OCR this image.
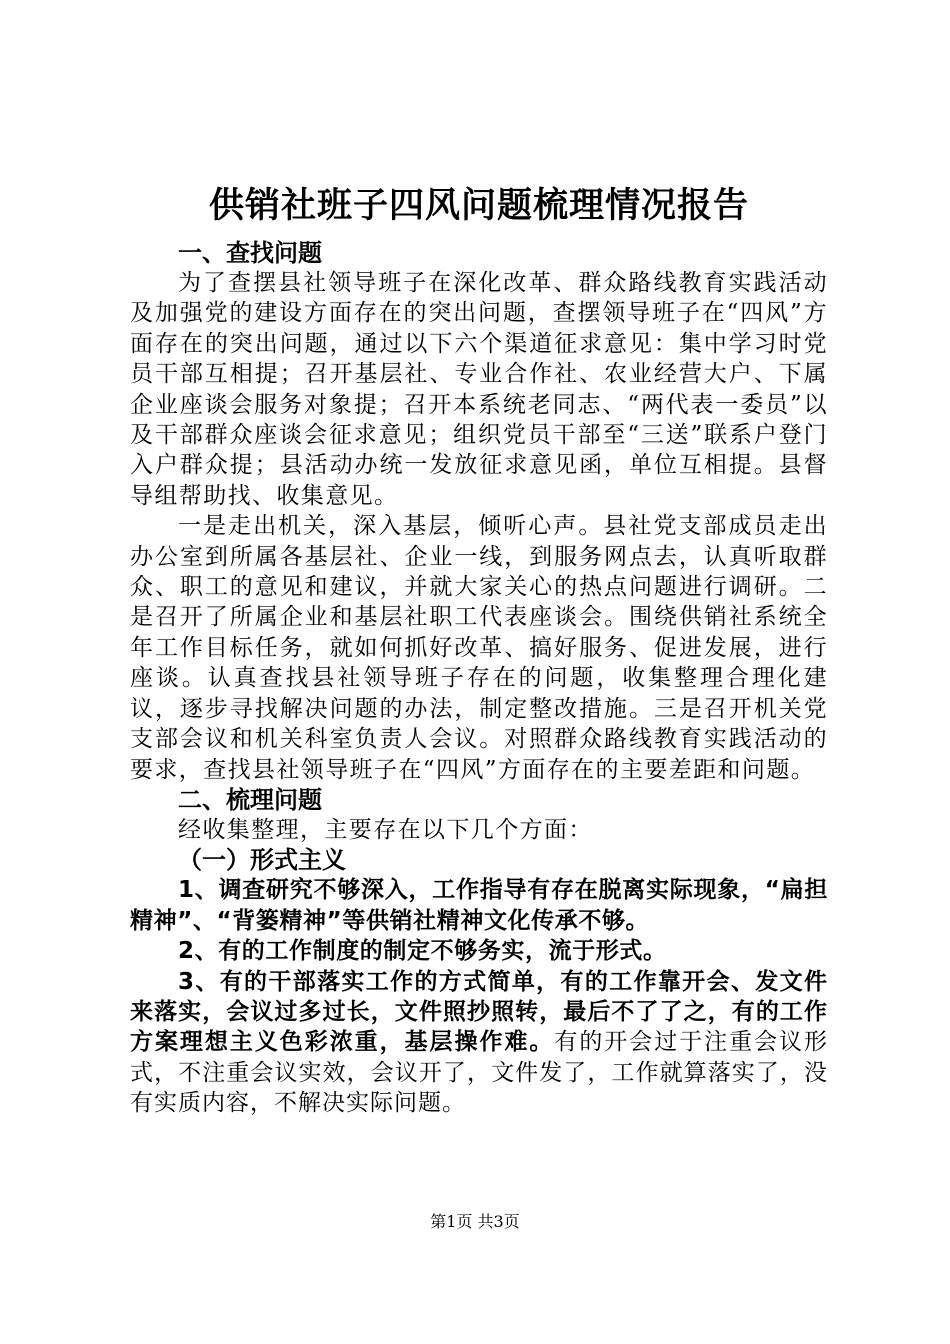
供销社班子四风问题梳理情况报告
一、查找问题

为了查摆县社领导班子在深化改革、群众路线教育实践活动及加强党的建设方面存在的突出问题，查摆领导班子在“四风”方面存在的突出问题，通过以下六个渠道征求意见：集中学习时党员干部互相提；召开基层社、专业合作社、农业经营大户、下属企业座谈会服务对象提；召开本系统老同志、“两代表一委员”以及干部群众座谈会征求意见；组织党员干部至“三送”联系户登门入户群众提；县活动办统一发放征求意见函，单位互相提。县督导组帮助找、收集意见。

一是走出机关，深入基层，倾听心声。县社党支部成员走出办公室到所属各基层社、企业一线，到服务网点去，认真听取群众、职工的意见和建议，并就大家关心的热点问题进行调研。二是召开了所属企业和基层社职工代表座谈会。围绕供销社系统全年工作目标任务，就如何抓好改革、搞好服务、促进发展，进行座谈。认真查找县社领导班子存在的问题，收集整理合理化建议，逐步寻找解决问题的办法，制定整改措施。三是召开机关党支部会议和机关科室负责人会议。对照群众路线教育实践活动的要求，查找县社领导班子在“四风”方面存在的主要差距和问题。

二、梳理问题

经收集整理，主要存在以下几个方面：

（一）形式主义

1、调查研究不够深入，工作指导有存在脱离实际现象，“扁担精神”、“背篓精神”等供销社精神文化传承不够。

2、有的工作制度的制定不够务实，流于形式。

3、有的干部落实工作的方式简单，有的工作靠开会、发文件来落实，会议过多过长，文件照抄照转，最后不了了之，有的工作方案理想主义色彩浓重，基层操作难。有的开会过于注重会议形式，不注重会议实效，会议开了，文件发了，工作就算落实了，没有实质内容，不解决实际问题。

第1页 共3页
